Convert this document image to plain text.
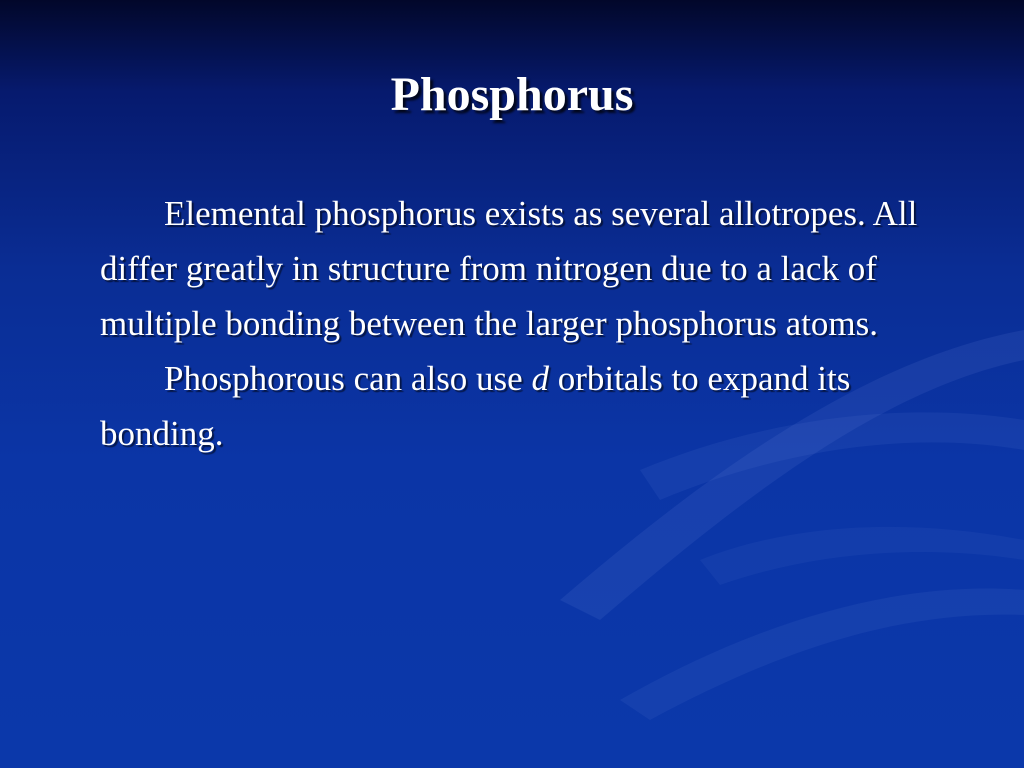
Phosphorus

Elemental phosphorus exists as several allotropes. All differ greatly in structure from nitrogen due to a lack of multiple bonding between the larger phosphorus atoms.

Phosphorous can also use d orbitals to expand its bonding.
